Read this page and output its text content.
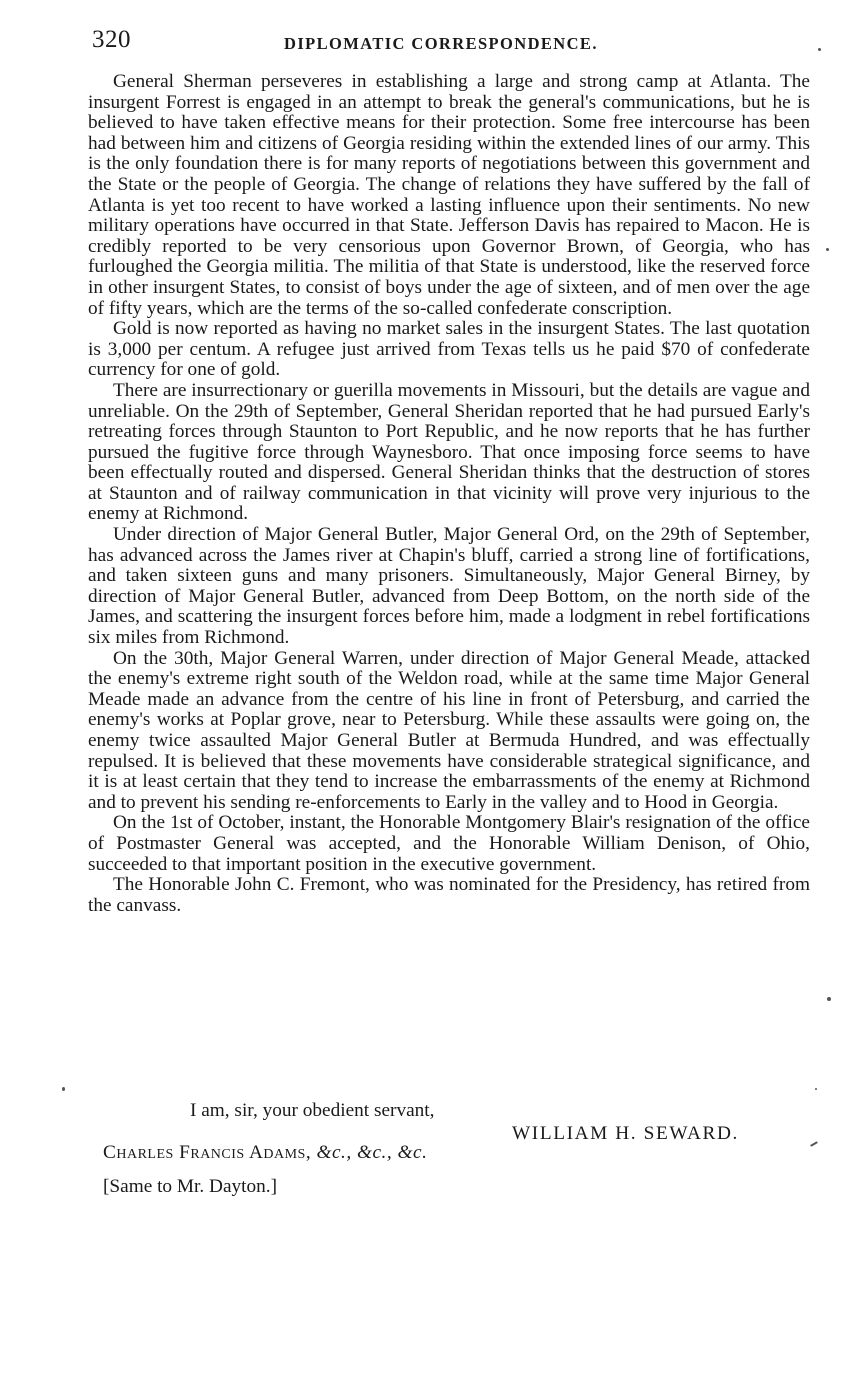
320	DIPLOMATIC CORRESPONDENCE.

General Sherman perseveres in establishing a large and strong camp at Atlanta. The insurgent Forrest is engaged in an attempt to break the general's communications, but he is believed to have taken effective means for their protection. Some free intercourse has been had between him and citizens of Georgia residing within the extended lines of our army. This is the only foundation there is for many reports of negotiations between this government and the State or the people of Georgia. The change of relations they have suffered by the fall of Atlanta is yet too recent to have worked a lasting influence upon their sentiments. No new military operations have occurred in that State. Jefferson Davis has repaired to Macon. He is credibly reported to be very censorious upon Governor Brown, of Georgia, who has furloughed the Georgia militia. The militia of that State is understood, like the reserved force in other insurgent States, to consist of boys under the age of sixteen, and of men over the age of fifty years, which are the terms of the so-called confederate conscription.

Gold is now reported as having no market sales in the insurgent States. The last quotation is 3,000 per centum. A refugee just arrived from Texas tells us he paid $70 of confederate currency for one of gold.

There are insurrectionary or guerilla movements in Missouri, but the details are vague and unreliable. On the 29th of September, General Sheridan reported that he had pursued Early's retreating forces through Staunton to Port Republic, and he now reports that he has further pursued the fugitive force through Waynesboro. That once imposing force seems to have been effectually routed and dispersed. General Sheridan thinks that the destruction of stores at Staunton and of railway communication in that vicinity will prove very injurious to the enemy at Richmond.

Under direction of Major General Butler, Major General Ord, on the 29th of September, has advanced across the James river at Chapin's bluff, carried a strong line of fortifications, and taken sixteen guns and many prisoners. Simultaneously, Major General Birney, by direction of Major General Butler, advanced from Deep Bottom, on the north side of the James, and scattering the insurgent forces before him, made a lodgment in rebel fortifications six miles from Richmond.

On the 30th, Major General Warren, under direction of Major General Meade, attacked the enemy's extreme right south of the Weldon road, while at the same time Major General Meade made an advance from the centre of his line in front of Petersburg, and carried the enemy's works at Poplar grove, near to Petersburg. While these assaults were going on, the enemy twice assaulted Major General Butler at Bermuda Hundred, and was effectually repulsed. It is believed that these movements have considerable strategical significance, and it is at least certain that they tend to increase the embarrassments of the enemy at Richmond and to prevent his sending re-enforcements to Early in the valley and to Hood in Georgia.

On the 1st of October, instant, the Honorable Montgomery Blair's resignation of the office of Postmaster General was accepted, and the Honorable William Denison, of Ohio, succeeded to that important position in the executive government.

The Honorable John C. Fremont, who was nominated for the Presidency, has retired from the canvass.

I am, sir, your obedient servant,
WILLIAM H. SEWARD.
Charles Francis Adams, &c., &c., &c.
[Same to Mr. Dayton.]
